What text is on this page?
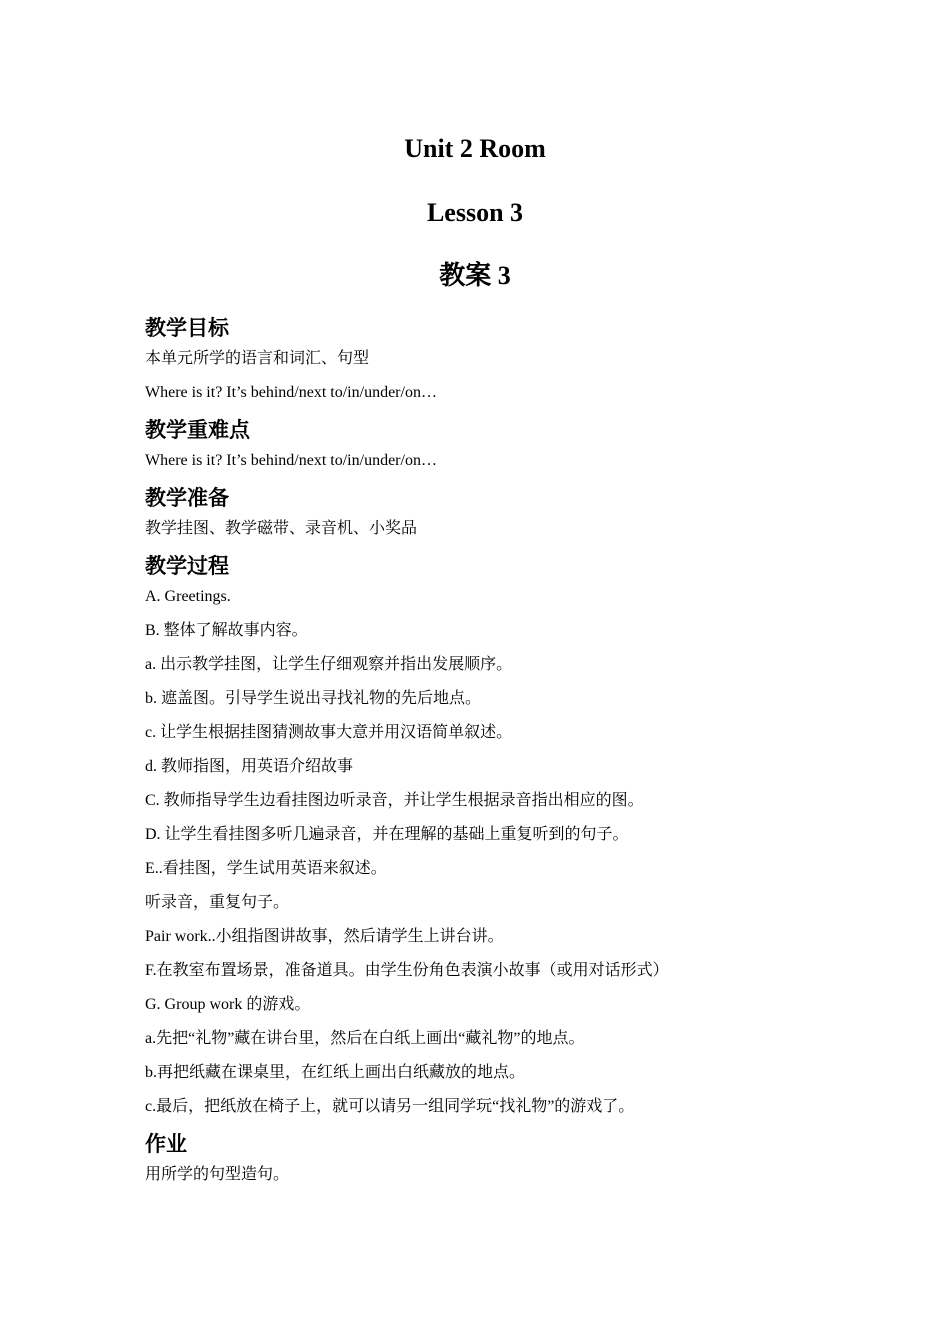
Unit 2 Room
Lesson 3
教案 3
教学目标

本单元所学的语言和词汇、句型

Where is it? It’s behind/next to/in/under/on…

教学重难点

Where is it? It’s behind/next to/in/under/on…

教学准备

教学挂图、教学磁带、录音机、小奖品

教学过程

A. Greetings.

B. 整体了解故事内容。

a. 出示教学挂图，让学生仔细观察并指出发展顺序。

b. 遮盖图。引导学生说出寻找礼物的先后地点。

c. 让学生根据挂图猜测故事大意并用汉语简单叙述。

d. 教师指图，用英语介绍故事

C. 教师指导学生边看挂图边听录音，并让学生根据录音指出相应的图。

D. 让学生看挂图多听几遍录音，并在理解的基础上重复听到的句子。

E..看挂图，学生试用英语来叙述。

听录音，重复句子。

Pair work..小组指图讲故事，然后请学生上讲台讲。

F.在教室布置场景，准备道具。由学生份角色表演小故事（或用对话形式）

G. Group work 的游戏。

a.先把“礼物”藏在讲台里，然后在白纸上画出“藏礼物”的地点。

b.再把纸藏在课桌里，在红纸上画出白纸藏放的地点。

c.最后，把纸放在椅子上，就可以请另一组同学玩“找礼物”的游戏了。

作业

用所学的句型造句。
